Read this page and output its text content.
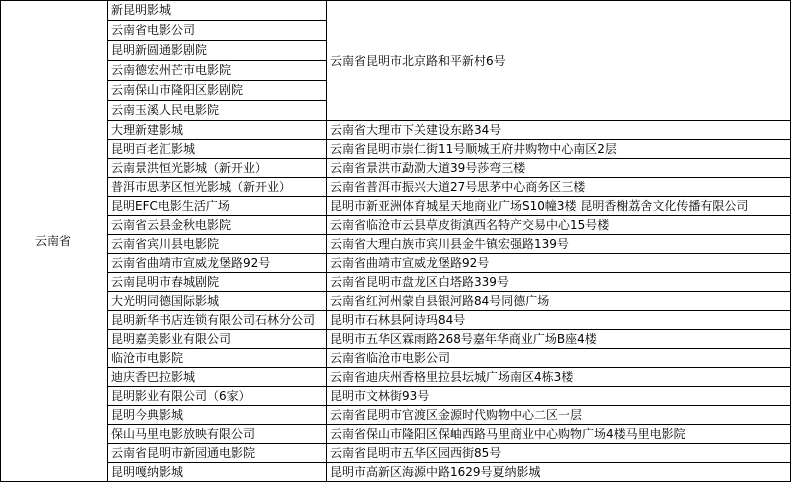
云南省	新昆明影城	云南省昆明市北京路和平新村6号
	云南省电影公司	
	昆明新圆通影剧院	
	云南德宏州芒市电影院	
	云南保山市隆阳区影剧院	
	云南玉溪人民电影院	
	大理新建影城	云南省大理市下关建设东路34号
	昆明百老汇影城	云南省昆明市崇仁街11号顺城王府井购物中心南区2层
	云南景洪恒光影城（新开业）	云南省景洪市勐泐大道39号莎弯三楼
	普洱市思茅区恒光影城（新开业）	云南省普洱市振兴大道27号思茅中心商务区三楼
	昆明EFC电影生活广场	昆明市新亚洲体育城星天地商业广场S10幢3楼 昆明香榭荔舍文化传播有限公司
	云南省云县金秋电影院	云南省临沧市云县草皮街滇西名特产交易中心15号楼
	云南省宾川县电影院	云南省大理白族市宾川县金牛镇宏强路139号
	云南省曲靖市宣威龙堡路92号	云南省曲靖市宣威龙堡路92号
	云南昆明市春城剧院	云南省昆明市盘龙区白塔路339号
	大光明同德国际影城	云南省红河州蒙自县银河路84号同德广场
	昆明新华书店连锁有限公司石林分公司	昆明市石林县阿诗玛84号
	昆明嘉美影业有限公司	昆明市五华区霖雨路268号嘉年华商业广场B座4楼
	临沧市电影院	云南省临沧市电影公司
	迪庆香巴拉影城	云南省迪庆州香格里拉县坛城广场南区4栋3楼
	昆明影业有限公司（6家）	昆明市文林街93号
	昆明今典影城	云南省昆明市官渡区金源时代购物中心二区一层
	保山马里电影放映有限公司	云南省保山市隆阳区保岫西路马里商业中心购物广场4楼马里电影院
	云南省昆明市新园通电影院	云南省昆明市五华区园西街85号
	昆明嘎纳影城	昆明市高新区海源中路1629号夏纳影城
